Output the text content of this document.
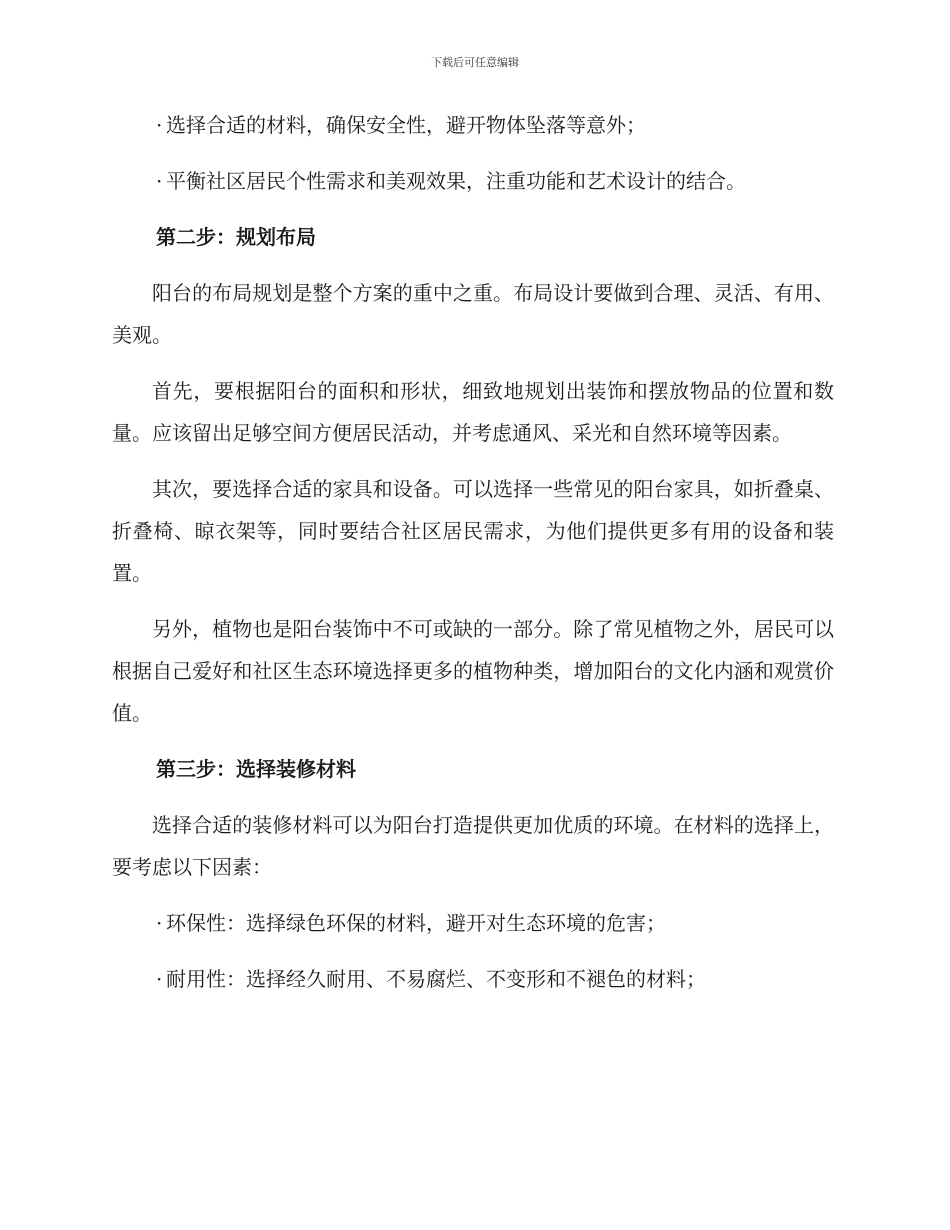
下载后可任意编辑

· 选择合适的材料，确保安全性，避开物体坠落等意外；

· 平衡社区居民个性需求和美观效果，注重功能和艺术设计的结合。

第二步：规划布局

阳台的布局规划是整个方案的重中之重。布局设计要做到合理、灵活、有用、美观。

首先，要根据阳台的面积和形状，细致地规划出装饰和摆放物品的位置和数量。应该留出足够空间方便居民活动，并考虑通风、采光和自然环境等因素。

其次，要选择合适的家具和设备。可以选择一些常见的阳台家具，如折叠桌、折叠椅、晾衣架等，同时要结合社区居民需求，为他们提供更多有用的设备和装置。

另外，植物也是阳台装饰中不可或缺的一部分。除了常见植物之外，居民可以根据自己爱好和社区生态环境选择更多的植物种类，增加阳台的文化内涵和观赏价值。

第三步：选择装修材料

选择合适的装修材料可以为阳台打造提供更加优质的环境。在材料的选择上，要考虑以下因素：

· 环保性：选择绿色环保的材料，避开对生态环境的危害；

· 耐用性：选择经久耐用、不易腐烂、不变形和不褪色的材料；
